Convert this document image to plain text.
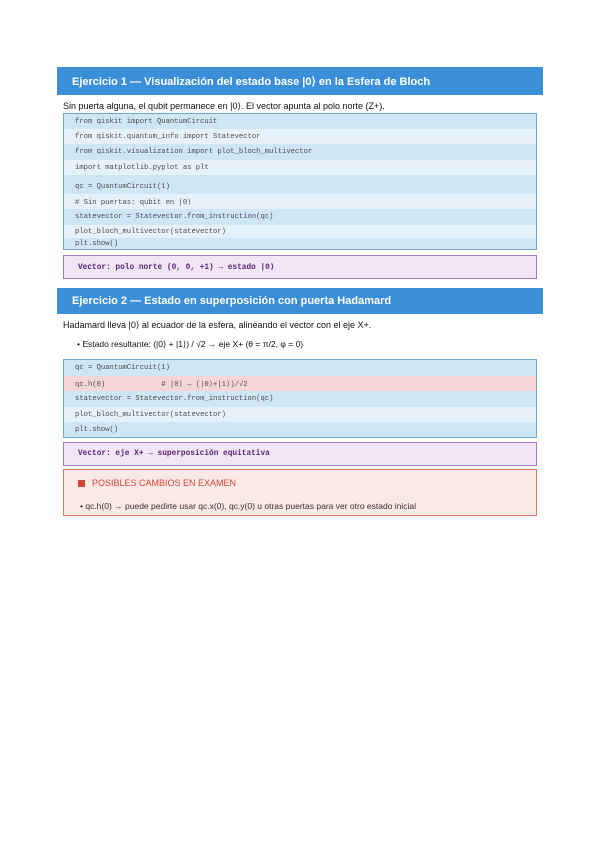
Ejercicio 1 — Visualización del estado base |0⟩ en la Esfera de Bloch
Sin puerta alguna, el qubit permanece en |0⟩. El vector apunta al polo norte (Z+).
from qiskit import QuantumCircuit
from qiskit.quantum_info import Statevector
from qiskit.visualization import plot_bloch_multivector
import matplotlib.pyplot as plt
qc = QuantumCircuit(1)
# Sin puertas: qubit en |0⟩
statevector = Statevector.from_instruction(qc)
plot_bloch_multivector(statevector)
plt.show()
Vector: polo norte (0, 0, +1) → estado |0⟩
Ejercicio 2 — Estado en superposición con puerta Hadamard
Hadamard lleva |0⟩ al ecuador de la esfera, alineando el vector con el eje X+.
• Estado resultante: (|0⟩ + |1⟩) / √2 → eje X+ (θ = π/2, φ = 0)
qc = QuantumCircuit(1)
qc.h(0)             # |0⟩ → (|0⟩+|1⟩)/√2
statevector = Statevector.from_instruction(qc)
plot_bloch_multivector(statevector)
plt.show()
Vector: eje X+ → superposición equitativa
POSIBLES CAMBIOS EN EXAMEN
• qc.h(0) → puede pedirte usar qc.x(0), qc.y(0) u otras puertas para ver otro estado inicial
